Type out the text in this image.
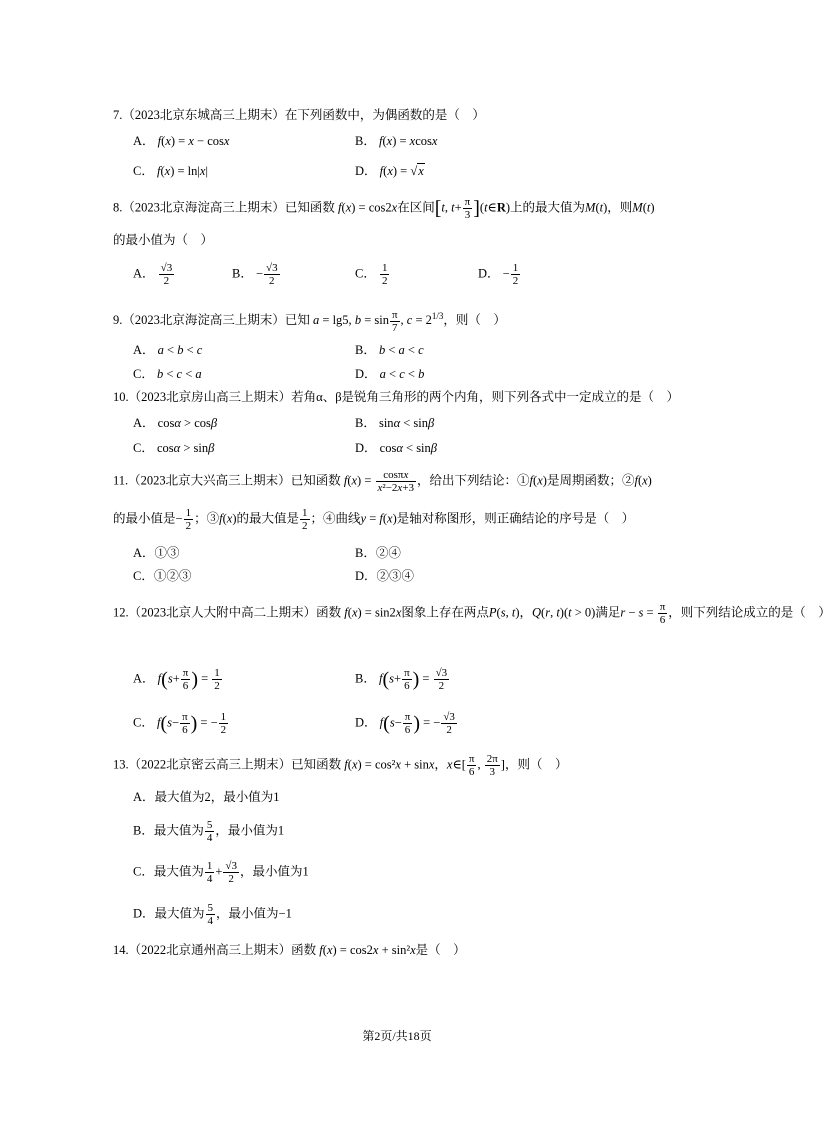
7.（2023北京东城高三上期末）在下列函数中，为偶函数的是（　）
A． f(x) = x − cosx	B． f(x) = xcosx
C． f(x) = ln|x|	D． f(x) = √x
8.（2023北京海淀高三上期末）已知函数 f(x) = cos2x在区间[t, $t+ \frac{\pi}{3}$ ](t∈R)上的最大值为M(t)，则M(t)
的最小值为（　）
A． $\frac{√3}{2}$	B． − $\frac{√3}{2}$	C． $\frac{1}{2}$	D． − $\frac{1}{2}$
9.（2023北京海淀高三上期末）已知 a = lg5, $b = \sin \frac{\pi}{7}$ , $c = 2^{1/3}$，则（　）
A． a < b < c	B． b < a < c
C． b < c < a	D． a < c < b
10.（2023北京房山高三上期末）若角α、β是锐角三角形的两个内角，则下列各式中一定成立的是（　）
A． cosα > cosβ	B． sinα < sinβ
C． cosα > sinβ	D． cosα < sinβ
11.（2023北京大兴高三上期末）已知函数 $f(x) = \frac{\cos\pi x}{\text{x²−2x+3}}$ ，给出下列结论：①f(x)是周期函数；②f(x)
的最小值是− $\frac{1}{2}$ ；③f(x)的最大值是 $\frac{1}{2}$ ；④曲线y = f(x)是轴对称图形，则正确结论的序号是（　）
A．①③	B．②④
C．①②③	D．②③④
12.（2023北京人大附中高二上期末）函数 f(x) = sin2x图象上存在两点P(s, t)，Q(r, t)(t > 0)满足$r - s = \frac{\pi}{6}$ ，则下列结论成立的是（　）
A． $f(s+ \frac{\pi}{6}$ ) = $\frac{1}{2}$	B． $f(s+ \frac{\pi}{6}$ ) = $\frac{√3}{2}$
C． $f(s- \frac{\pi}{6}$ ) = − $\frac{1}{2}$	D． $f(s- \frac{\pi}{6}$ ) = − $\frac{√3}{2}$
13.（2022北京密云高三上期末）已知函数 f(x) = cos²x + sinx，x∈[ $\frac{\pi}{6}$ , $\frac{2\pi}{3}$ ]，则（　）
A．最大值为2，最小值为1
B．最大值为 $\frac{5}{4}$ ，最小值为1
C．最大值为 $\frac{1}{4} + \frac{√3}{2}$ ，最小值为1
D．最大值为 $\frac{5}{4}$ ，最小值为−1
14.（2022北京通州高三上期末）函数 f(x) = cos2x + sin²x是（　）
第2页/共18页
